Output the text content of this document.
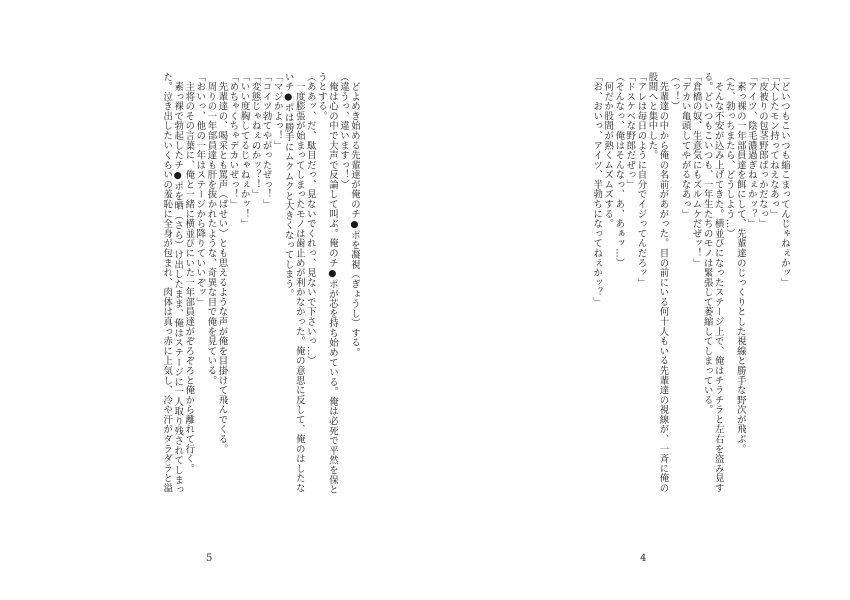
　どよめき始める先輩達が俺のチ●ポを凝視（ぎょうし）する。
（違うっ、違いますっ！）
　俺は心の中で大声で反論して叫ぶ。俺のチ●ポが芯を持ち始めている。俺は必死で平然を保と
うとする。
（ああッ、だ、駄目だっ、見ないでくれっ、見ないで下さいっ…）
　一度膨張が始まってしまったモノは歯止めが利かなかった。俺の意思に反して、俺のはしたな
いチ●ポは勝手にムクムクと大きくなってしまう。
「マジかよっ！」
「コイツ勃てやがったぜっ！」
「変態じゃねぇのかッ？！」
「いい度胸してるじゃねぇかッ！」
「めちゃくちゃデカいぜっ！」
　先輩達の、喝采とも罵声（ばせい）とも思えるような声が俺を目掛けて飛んでくる。
　周りの一年部員達も肝を抜かれたような、奇異な目で俺を見ている。
「おいっ、他の一年はステージから降りていいぞッ」
　主将のその言葉に、俺と一緒に横並びにいた一年部員達がぞろぞろと俺から離れて行く。
　素っ裸で勃起したチ●ポを晒（さら）け出したまま、俺はステージに一人取り残されてしまっ
た。泣き出したいくらいの羞恥に全身が包まれ、肉体は真っ赤に上気し、冷や汗がダラダラと溢
5
「どいつもこいつも縮こまってんじゃねぇかッ」
「大したモン持ってねえなあっ」
「皮被りの包茎野郎ばっかだなっ」
「アイツ、陰毛濃過ぎねぇかッ？」
　素っ裸の一年部員達を餌にして、先輩達のじっくりとした視線と勝手な野次が飛ぶ。
（た、勃っちまたら、どうしよう…）
　そんな不安が込み上げてきた。横並びになったステージ上で、俺はチラチラと左右を盗み見す
る。どいつもこいつも、一年生たちのモノは緊張して萎縮してしまっている。
「倉橋の奴、生意気にもズルムケだぜッ！」
「デカい亀頭してやがるなあっ」
（っ！）
　先輩達の中から俺の名前があがった。目の前にいる何十人もいる先輩達の視線が、一斉に俺の
股間へと集中した。
「アレは毎日のように自分でイジってんだろッ」
「ドスケベな野郎だぜっ」
（そんなっ、俺はそんなっ、あ、あぁッ…）
　何だか股間が熱くムズムズする。
「お、おいっ、アイツ、半勃ちになってねぇかッ？」
4
